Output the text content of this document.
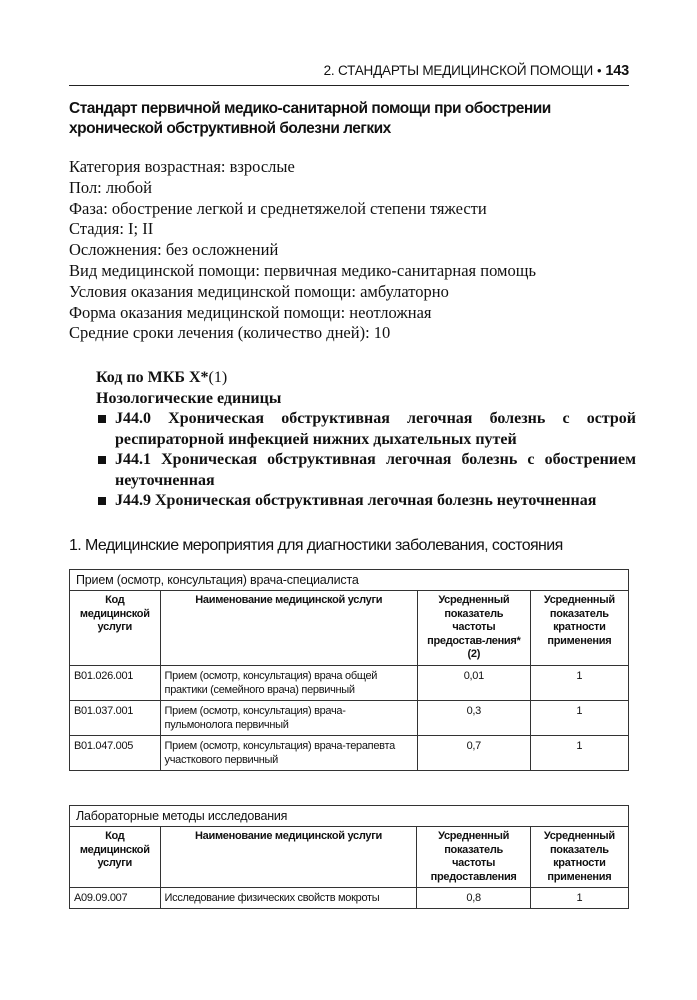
2. СТАНДАРТЫ МЕДИЦИНСКОЙ ПОМОЩИ • 143
Стандарт первичной медико-санитарной помощи при обострении
хронической обструктивной болезни легких
Категория возрастная: взрослые
Пол: любой
Фаза: обострение легкой и среднетяжелой степени тяжести
Стадия: I; II
Осложнения: без осложнений
Вид медицинской помощи: первичная медико-санитарная помощь
Условия оказания медицинской помощи: амбулаторно
Форма оказания медицинской помощи: неотложная
Средние сроки лечения (количество дней): 10
Код по МКБ X*(1)
Нозологические единицы
J44.0 Хроническая обструктивная легочная болезнь с острой респираторной инфекцией нижних дыхательных путей
J44.1 Хроническая обструктивная легочная болезнь с обострением неуточненная
J44.9 Хроническая обструктивная легочная болезнь неуточненная
1. Медицинские мероприятия для диагностики заболевания, состояния
Прием (осмотр, консультация) врача-специалиста			
Код медицинской услуги	Наименование медицинской услуги	Усредненный показатель частоты предостав-ления*(2)	Усредненный показатель кратности применения
B01.026.001	Прием (осмотр, консультация) врача общей практики (семейного врача) первичный	0,01	1
B01.037.001	Прием (осмотр, консультация) врача-пульмонолога первичный	0,3	1
B01.047.005	Прием (осмотр, консультация) врача-терапевта участкового первичный	0,7	1
Лабораторные методы исследования			
Код медицинской услуги	Наименование медицинской услуги	Усредненный показатель частоты предоставления	Усредненный показатель кратности применения
A09.09.007	Исследование физических свойств мокроты	0,8	1
